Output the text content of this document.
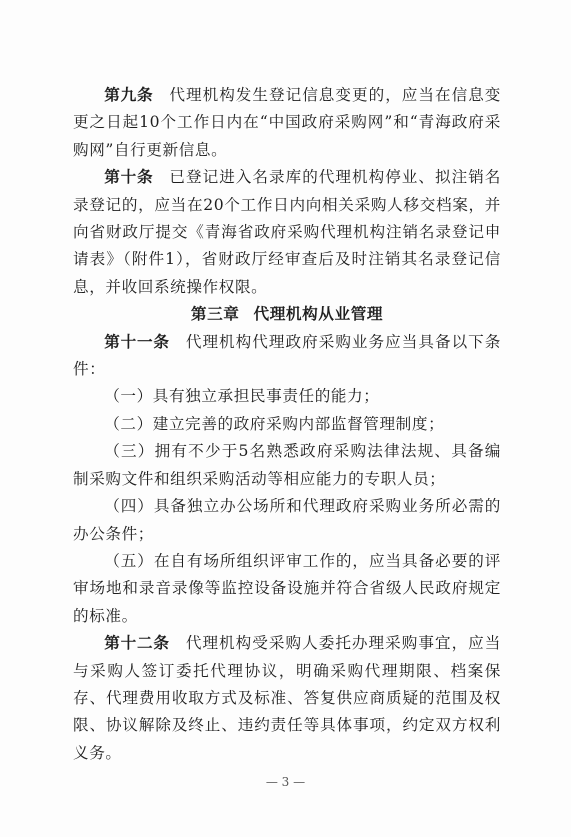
第九条 代理机构发生登记信息变更的，应当在信息变更之日起10个工作日内在“中国政府采购网”和“青海政府采购网”自行更新信息。

第十条 已登记进入名录库的代理机构停业、拟注销名录登记的，应当在20个工作日内向相关采购人移交档案，并向省财政厅提交《青海省政府采购代理机构注销名录登记申请表》（附件1），省财政厅经审查后及时注销其名录登记信息，并收回系统操作权限。

第三章 代理机构从业管理

第十一条 代理机构代理政府采购业务应当具备以下条件：

（一）具有独立承担民事责任的能力；

（二）建立完善的政府采购内部监督管理制度；

（三）拥有不少于5名熟悉政府采购法律法规、具备编制采购文件和组织采购活动等相应能力的专职人员；

（四）具备独立办公场所和代理政府采购业务所必需的办公条件；

（五）在自有场所组织评审工作的，应当具备必要的评审场地和录音录像等监控设备设施并符合省级人民政府规定的标准。

第十二条 代理机构受采购人委托办理采购事宜，应当与采购人签订委托代理协议，明确采购代理期限、档案保存、代理费用收取方式及标准、答复供应商质疑的范围及权限、协议解除及终止、违约责任等具体事项，约定双方权利义务。

— 3 —
